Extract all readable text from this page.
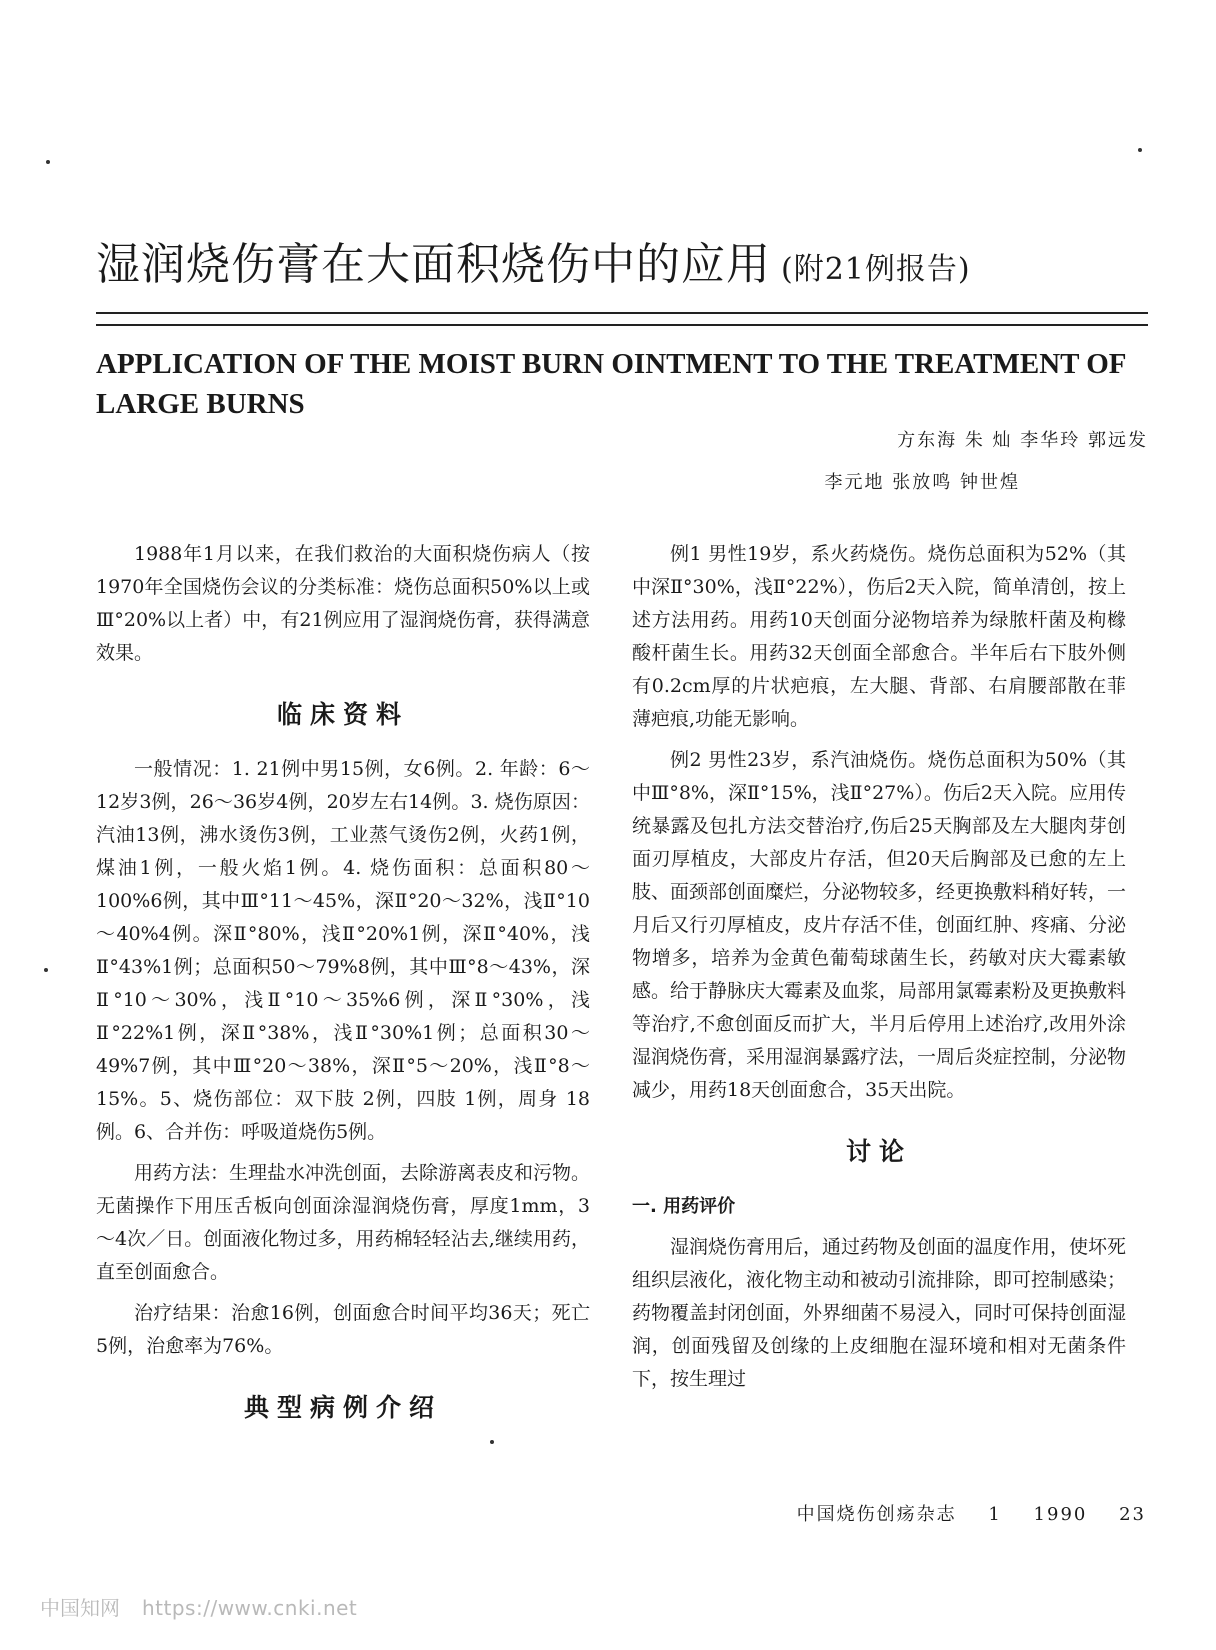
湿润烧伤膏在大面积烧伤中的应用 (附21例报告)
APPLICATION OF THE MOIST BURN OINTMENT TO THE TREATMENT OF LARGE BURNS
方东海 朱 灿 李华玲 郭远发
李元地 张放鸣 钟世煌

1988年1月以来，在我们救治的大面积烧伤病人（按1970年全国烧伤会议的分类标准：烧伤总面积50%以上或Ⅲ°20%以上者）中，有21例应用了湿润烧伤膏，获得满意效果。

临床资料

一般情况：1. 21例中男15例，女6例。2. 年龄：6～12岁3例，26～36岁4例，20岁左右14例。3. 烧伤原因：汽油13例，沸水烫伤3例，工业蒸气烫伤2例，火药1例，煤油1例，一般火焰1例。4. 烧伤面积：总面积80～100%6例，其中Ⅲ°11～45%，深Ⅱ°20～32%，浅Ⅱ°10～40%4例。深Ⅱ°80%，浅Ⅱ°20%1例，深Ⅱ°40%，浅Ⅱ°43%1例；总面积50～79%8例，其中Ⅲ°8～43%，深Ⅱ°10～30%，浅Ⅱ°10～35%6例，深Ⅱ°30%，浅Ⅱ°22%1例，深Ⅱ°38%，浅Ⅱ°30%1例；总面积30～49%7例，其中Ⅲ°20～38%，深Ⅱ°5～20%，浅Ⅱ°8～15%。5、烧伤部位：双下肢 2例，四肢 1例，周身 18例。6、合并伤：呼吸道烧伤5例。

用药方法：生理盐水冲洗创面，去除游离表皮和污物。无菌操作下用压舌板向创面涂湿润烧伤膏，厚度1mm，3～4次／日。创面液化物过多，用药棉轻轻沾去,继续用药，直至创面愈合。

治疗结果：治愈16例，创面愈合时间平均36天；死亡5例，治愈率为76%。

典型病例介绍

例1 男性19岁，系火药烧伤。烧伤总面积为52%（其中深Ⅱ°30%，浅Ⅱ°22%），伤后2天入院，简单清创，按上述方法用药。用药10天创面分泌物培养为绿脓杆菌及枸橼酸杆菌生长。用药32天创面全部愈合。半年后右下肢外侧有0.2cm厚的片状疤痕，左大腿、背部、右肩腰部散在菲薄疤痕,功能无影响。

例2 男性23岁，系汽油烧伤。烧伤总面积为50%（其中Ⅲ°8%，深Ⅱ°15%，浅Ⅱ°27%）。伤后2天入院。应用传统暴露及包扎方法交替治疗,伤后25天胸部及左大腿肉芽创面刃厚植皮，大部皮片存活，但20天后胸部及已愈的左上肢、面颈部创面糜烂，分泌物较多，经更换敷料稍好转，一月后又行刃厚植皮，皮片存活不佳，创面红肿、疼痛、分泌物增多，培养为金黄色葡萄球菌生长，药敏对庆大霉素敏感。给于静脉庆大霉素及血浆，局部用氯霉素粉及更换敷料等治疗,不愈创面反而扩大，半月后停用上述治疗,改用外涂湿润烧伤膏，采用湿润暴露疗法，一周后炎症控制，分泌物减少，用药18天创面愈合，35天出院。

讨论
一. 用药评价

湿润烧伤膏用后，通过药物及创面的温度作用，使坏死组织层液化，液化物主动和被动引流排除，即可控制感染；药物覆盖封闭创面，外界细菌不易浸入，同时可保持创面湿润，创面残留及创缘的上皮细胞在湿环境和相对无菌条件下，按生理过

中国烧伤创疡杂志 1 1990 23
中国知网 https://www.cnki.net
